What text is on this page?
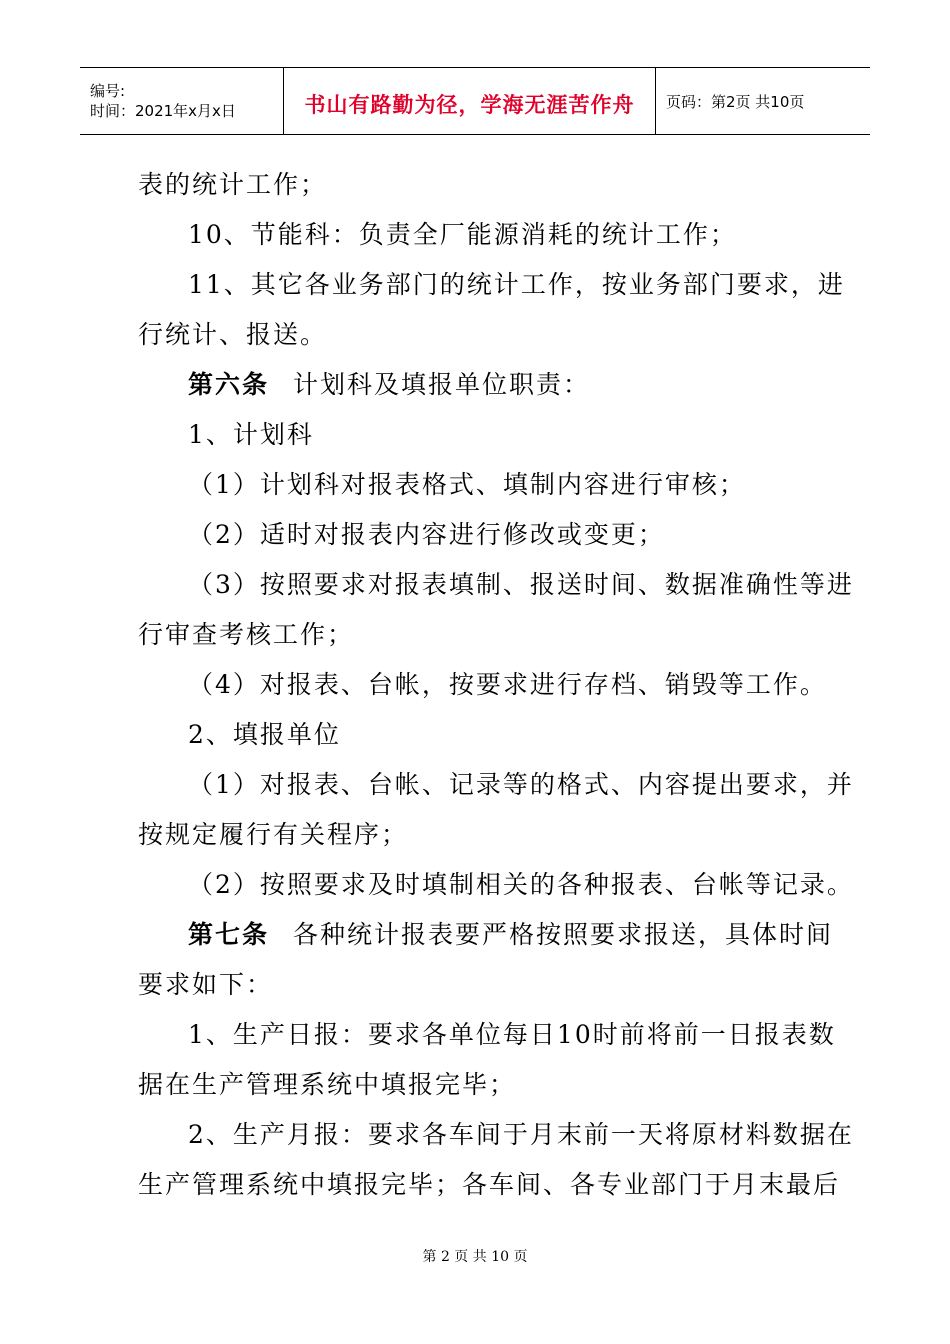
编号:
时间：2021年x月x日	书山有路勤为径，学海无涯苦作舟 页码：第2页 共10页
表的统计工作；
10、节能科：负责全厂能源消耗的统计工作；
11、其它各业务部门的统计工作，按业务部门要求，进
行统计、报送。
第六条 计划科及填报单位职责：
1、计划科
（1）计划科对报表格式、填制内容进行审核；
（2）适时对报表内容进行修改或变更；
（3）按照要求对报表填制、报送时间、数据准确性等进
行审查考核工作；
（4）对报表、台帐，按要求进行存档、销毁等工作。
2、填报单位
（1）对报表、台帐、记录等的格式、内容提出要求，并
按规定履行有关程序；
（2）按照要求及时填制相关的各种报表、台帐等记录。
第七条 各种统计报表要严格按照要求报送，具体时间
要求如下：
1、生产日报：要求各单位每日10时前将前一日报表数
据在生产管理系统中填报完毕；
2、生产月报：要求各车间于月末前一天将原材料数据在
生产管理系统中填报完毕；各车间、各专业部门于月末最后
第 2 页 共 10 页
